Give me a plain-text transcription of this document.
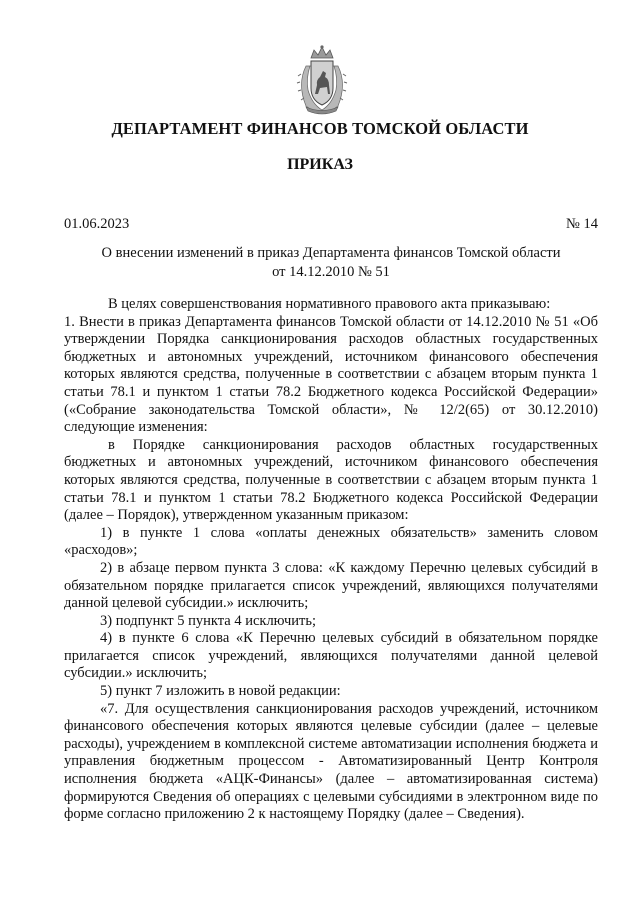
ДЕПАРТАМЕНТ ФИНАНСОВ ТОМСКОЙ ОБЛАСТИ
ПРИКАЗ
01.06.2023	№ 14
О внесении изменений в приказ Департамента финансов Томской области
от 14.12.2010 № 51

В целях совершенствования нормативного правового акта приказываю:

1. Внести в приказ Департамента финансов Томской области от 14.12.2010 № 51 «Об утверждении Порядка санкционирования расходов областных государственных бюджетных и автономных учреждений, источником финансового обеспечения которых являются средства, полученные в соответствии с абзацем вторым пункта 1 статьи 78.1 и пунктом 1 статьи 78.2 Бюджетного кодекса Российской Федерации» («Собрание законодательства Томской области», № 12/2(65) от 30.12.2010) следующие изменения:

в Порядке санкционирования расходов областных государственных бюджетных и автономных учреждений, источником финансового обеспечения которых являются средства, полученные в соответствии с абзацем вторым пункта 1 статьи 78.1 и пунктом 1 статьи 78.2 Бюджетного кодекса Российской Федерации (далее – Порядок), утвержденном указанным приказом:

1) в пункте 1 слова «оплаты денежных обязательств» заменить словом «расходов»;

2) в абзаце первом пункта 3 слова: «К каждому Перечню целевых субсидий в обязательном порядке прилагается список учреждений, являющихся получателями данной целевой субсидии.» исключить;

3) подпункт 5 пункта 4 исключить;

4) в пункте 6 слова «К Перечню целевых субсидий в обязательном порядке прилагается список учреждений, являющихся получателями данной целевой субсидии.» исключить;

5) пункт 7 изложить в новой редакции:

«7. Для осуществления санкционирования расходов учреждений, источником финансового обеспечения которых являются целевые субсидии (далее – целевые расходы), учреждением в комплексной системе автоматизации исполнения бюджета и управления бюджетным процессом - Автоматизированный Центр Контроля исполнения бюджета «АЦК-Финансы» (далее – автоматизированная система) формируются Сведения об операциях с целевыми субсидиями в электронном виде по форме согласно приложению 2 к настоящему Порядку (далее – Сведения).
